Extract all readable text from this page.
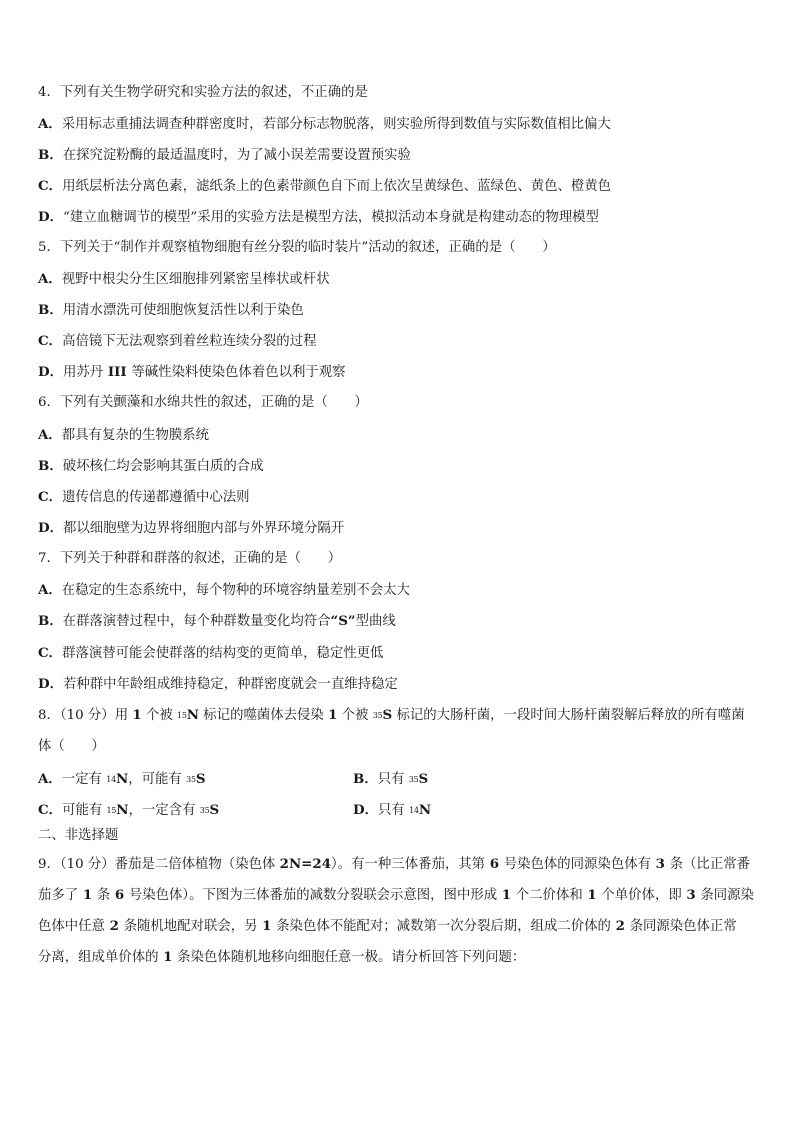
4．下列有关生物学研究和实验方法的叙述，不正确的是
A．采用标志重捕法调查种群密度时，若部分标志物脱落，则实验所得到数值与实际数值相比偏大
B．在探究淀粉酶的最适温度时，为了减小误差需要设置预实验
C．用纸层析法分离色素，滤纸条上的色素带颜色自下而上依次呈黄绿色、蓝绿色、黄色、橙黄色
D．“建立血糖调节的模型”采用的实验方法是模型方法，模拟活动本身就是构建动态的物理模型
5．下列关于“制作并观察植物细胞有丝分裂的临时装片”活动的叙述，正确的是（　　）
A．视野中根尖分生区细胞排列紧密呈棒状或杆状
B．用清水漂洗可使细胞恢复活性以利于染色
C．高倍镜下无法观察到着丝粒连续分裂的过程
D．用苏丹 III 等碱性染料使染色体着色以利于观察
6．下列有关颤藻和水绵共性的叙述，正确的是（　　）
A．都具有复杂的生物膜系统
B．破坏核仁均会影响其蛋白质的合成
C．遗传信息的传递都遵循中心法则
D．都以细胞壁为边界将细胞内部与外界环境分隔开
7．下列关于种群和群落的叙述，正确的是（　　）
A．在稳定的生态系统中，每个物种的环境容纳量差别不会太大
B．在群落演替过程中，每个种群数量变化均符合“S”型曲线
C．群落演替可能会使群落的结构变的更简单，稳定性更低
D．若种群中年龄组成维持稳定，种群密度就会一直维持稳定
8．（10 分）用 1 个被 $^{15}$N 标记的噬菌体去侵染 1 个被 $^{35}$S 标记的大肠杆菌，一段时间大肠杆菌裂解后释放的所有噬菌
体（　　）
A．一定有 $^{14}$N，可能有 $^{35}$S	B．只有 $^{35}$S
C．可能有 $^{15}$N，一定含有 $^{35}$S	D．只有 $^{14}$N
二、非选择题
9．（10 分）番茄是二倍体植物（染色体 2N=24）。有一种三体番茄，其第 6 号染色体的同源染色体有 3 条（比正常番
茄多了 1 条 6 号染色体）。下图为三体番茄的减数分裂联会示意图，图中形成 1 个二价体和 1 个单价体，即 3 条同源染
色体中任意 2 条随机地配对联会，另 1 条染色体不能配对；减数第一次分裂后期，组成二价体的 2 条同源染色体正常
分离，组成单价体的 1 条染色体随机地移向细胞任意一极。请分析回答下列问题：
